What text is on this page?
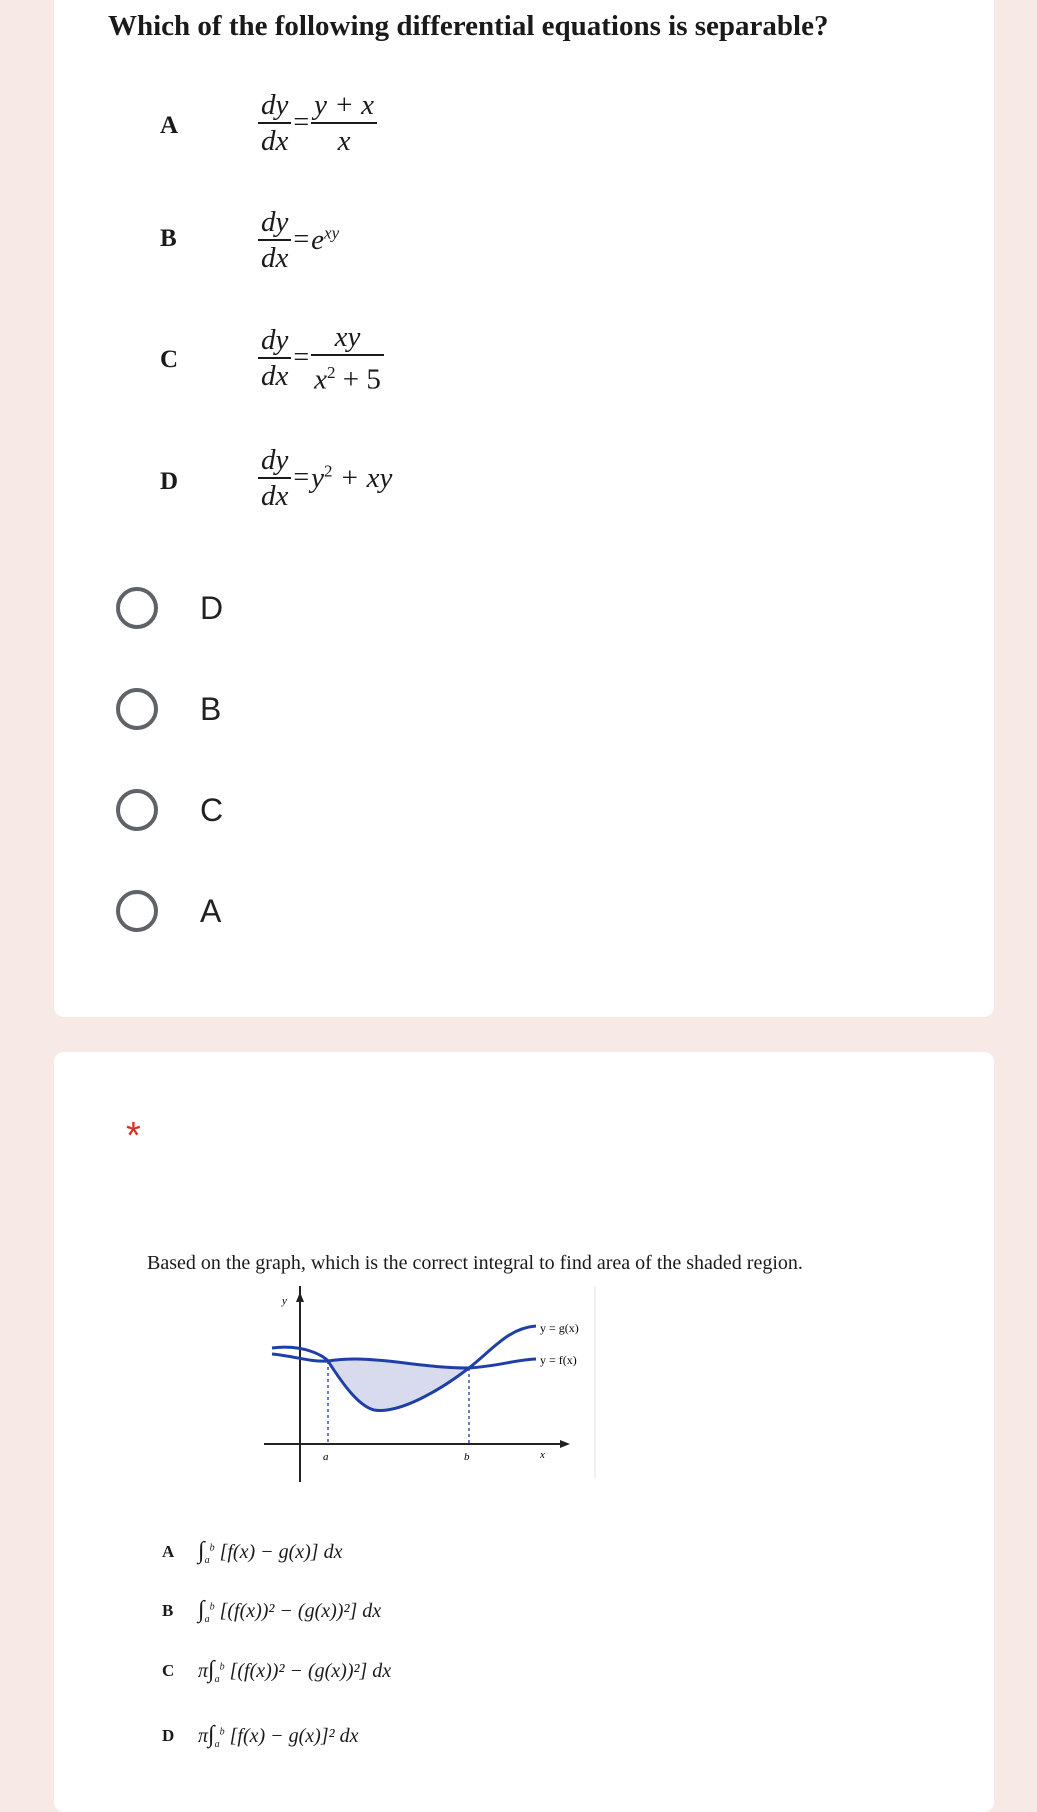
Which of the following differential equations is separable?
A	$\frac{dy}{dx} = \frac{y + x}{x}$
B	$\frac{dy}{dx} =e^{xy}$
C	$\frac{dy}{dx} = \frac{xy}{x^2 + 5}$
D	$\frac{dy}{dx} =y^2$ + xy
D
B
C
A
*

Based on the graph, which is the correct integral to find area of the shaded region.

y
x
a	b
y = g(x)
y = f(x)
A $\int_a^b$ [f(x) − g(x)] dx
B	$\int_a^b$ [(f(x))² − (g(x))²] dx
C	$\pi\int_a^b$ [(f(x))² − (g(x))²] dx
D	$\pi\int_a^b$ [f(x) − g(x)]² dx
